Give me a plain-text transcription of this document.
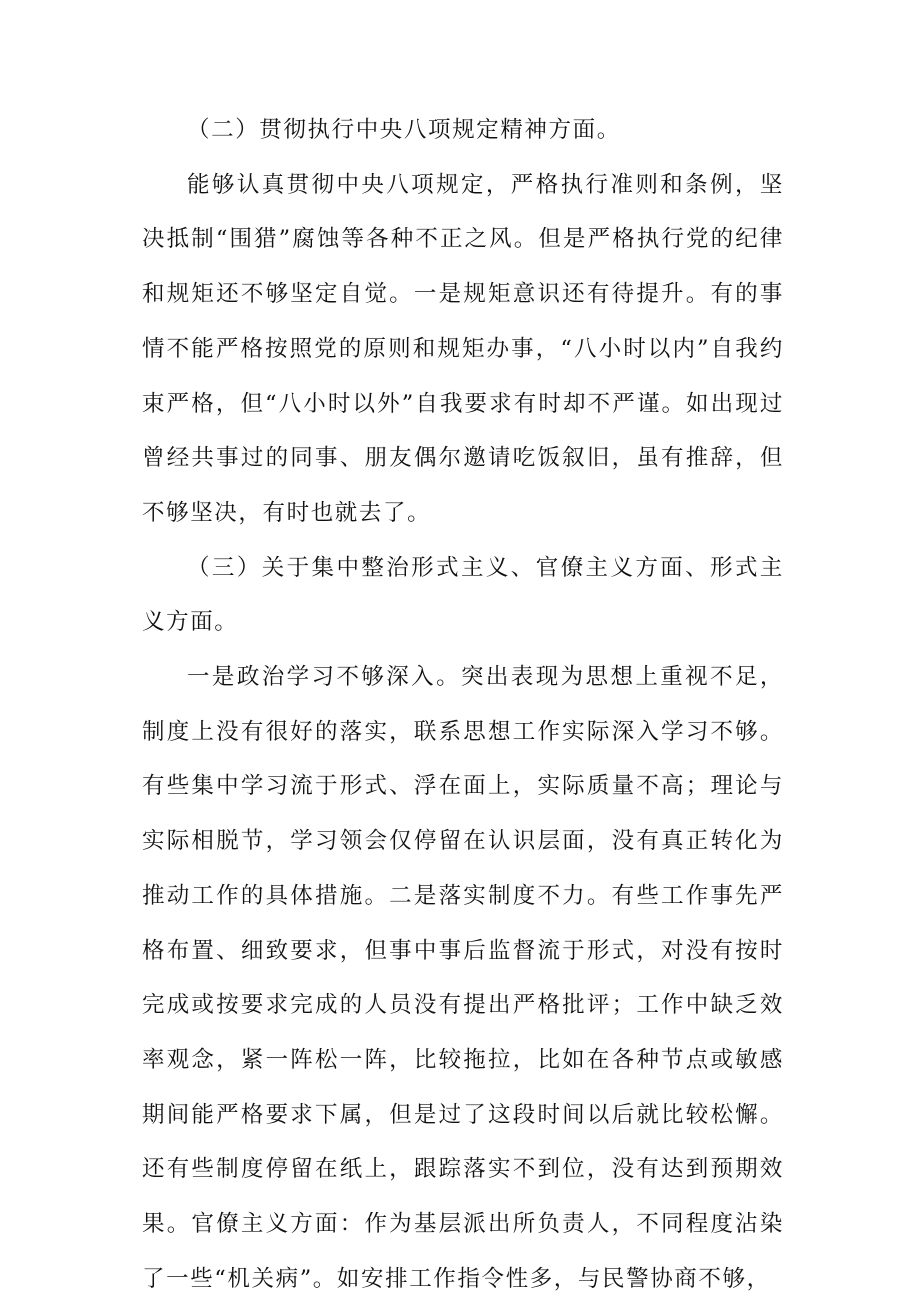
（二）贯彻执行中央八项规定精神方面。

能够认真贯彻中央八项规定，严格执行准则和条例，坚决抵制“围猎”腐蚀等各种不正之风。但是严格执行党的纪律和规矩还不够坚定自觉。一是规矩意识还有待提升。有的事情不能严格按照党的原则和规矩办事，“八小时以内”自我约束严格，但“八小时以外”自我要求有时却不严谨。如出现过曾经共事过的同事、朋友偶尔邀请吃饭叙旧，虽有推辞，但不够坚决，有时也就去了。

（三）关于集中整治形式主义、官僚主义方面、形式主义方面。

一是政治学习不够深入。突出表现为思想上重视不足，制度上没有很好的落实，联系思想工作实际深入学习不够。有些集中学习流于形式、浮在面上，实际质量不高；理论与实际相脱节，学习领会仅停留在认识层面，没有真正转化为推动工作的具体措施。二是落实制度不力。有些工作事先严格布置、细致要求，但事中事后监督流于形式，对没有按时完成或按要求完成的人员没有提出严格批评；工作中缺乏效率观念，紧一阵松一阵，比较拖拉，比如在各种节点或敏感期间能严格要求下属，但是过了这段时间以后就比较松懈。还有些制度停留在纸上，跟踪落实不到位，没有达到预期效果。官僚主义方面：作为基层派出所负责人，不同程度沾染了一些“机关病”。如安排工作指令性多，与民警协商不够，
